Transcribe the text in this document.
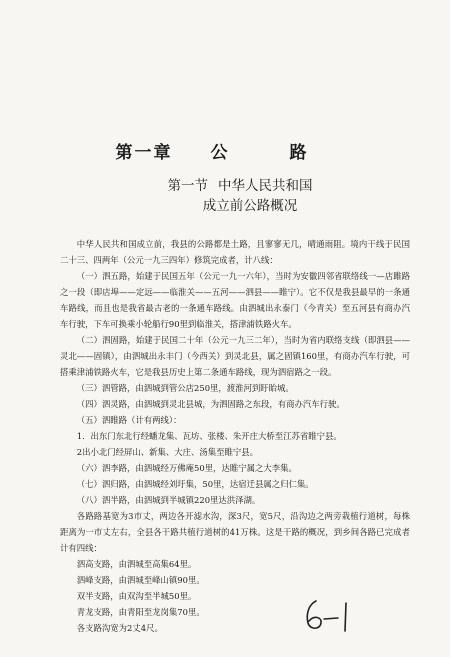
第一章 公 路
第一节 中华人民共和国
成立前公路概况

中华人民共和国成立前，我县的公路都是土路，且寥寥无几，晴通雨阻。境内干线于民国二十三、四两年（公元一九三四年）修筑完成者，计八线：

（一）泗五路，始建于民国五年（公元一九一六年），当时为安徽四邻省联络线一—店雎路之一段（即店埠——定远——临淮关——五河——泗县——睢宁）。它不仅是我县最早的一条通车路线，而且也是我省最古老的一条通车路线。由泗城出永泰门（今青关）至五河县有商办汽车行驶，下车可换乘小轮船行90里到临淮关，搭津浦铁路火车。

（二）泗固路，始建于民国二十年（公元一九三二年），当时为省内联络支线（即泗县——灵北——固镇），由泗城出永丰门（今西关）到灵北县，属之固镇160里，有商办汽车行驶，可搭乘津浦铁路火车，它是我县历史上第二条通车路线，现为泗宿路之一段。

（三）泗管路，由泗城到管公店250里，渡淮河到盱眙城。

（四）泗灵路，由泗城到灵北县城，为泗固路之东段，有商办汽车行驶。

（五）泗睢路（计有两线）：

1．出东门东北行经蟠龙集、瓦坊、张楼、朱开庄大桥至江苏省睢宁县。

2出小北门经屏山、新集、大庄、汤集至睢宁县。

（六）泗李路，由泗城经万佛庵50里，达睢宁属之大李集。

（七）泗归路，由泗城经刘圩集，50里，达宿迁县属之归仁集。

（八）泗半路，由泗城到半城镇220里达洪泽湖。

各路路基宽为3市丈，两边各开滤水沟，深3尺，宽5尺，沿沟边之两旁栽植行道树，每株距离为一市丈左右，全县各干路共植行道树的41万株。这是干路的概况，到乡间各路已完成者计有四线：

泗高支路，由泗城至高集64里。

泗峰支路，由泗城至峰山镇90里。

双半支路，由双沟至半城50里。

青龙支路，由青阳至龙岗集70里。

各支路沟宽为2丈4尺。
